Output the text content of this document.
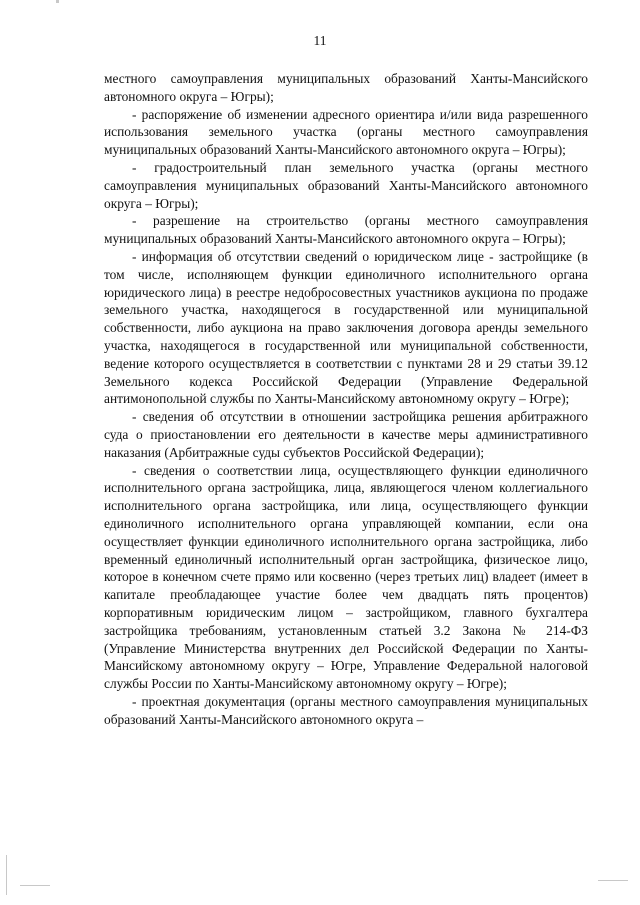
11

местного самоуправления муниципальных образований Ханты-Мансийского автономного округа – Югры);

- распоряжение об изменении адресного ориентира и/или вида разрешенного использования земельного участка (органы местного самоуправления муниципальных образований Ханты-Мансийского автономного округа – Югры);

- градостроительный план земельного участка (органы местного самоуправления муниципальных образований Ханты-Мансийского автономного округа – Югры);

- разрешение на строительство (органы местного самоуправления муниципальных образований Ханты-Мансийского автономного округа – Югры);

- информация об отсутствии сведений о юридическом лице - застройщике (в том числе, исполняющем функции единоличного исполнительного органа юридического лица) в реестре недобросовестных участников аукциона по продаже земельного участка, находящегося в государственной или муниципальной собственности, либо аукциона на право заключения договора аренды земельного участка, находящегося в государственной или муниципальной собственности, ведение которого осуществляется в соответствии с пунктами 28 и 29 статьи 39.12 Земельного кодекса Российской Федерации (Управление Федеральной антимонопольной службы по Ханты-Мансийскому автономному округу – Югре);

- сведения об отсутствии в отношении застройщика решения арбитражного суда о приостановлении его деятельности в качестве меры административного наказания (Арбитражные суды субъектов Российской Федерации);

- сведения о соответствии лица, осуществляющего функции единоличного исполнительного органа застройщика, лица, являющегося членом коллегиального исполнительного органа застройщика, или лица, осуществляющего функции единоличного исполнительного органа управляющей компании, если она осуществляет функции единоличного исполнительного органа застройщика, либо временный единоличный исполнительный орган застройщика, физическое лицо, которое в конечном счете прямо или косвенно (через третьих лиц) владеет (имеет в капитале преобладающее участие более чем двадцать пять процентов) корпоративным юридическим лицом – застройщиком, главного бухгалтера застройщика требованиям, установленным статьей 3.2 Закона № 214-ФЗ (Управление Министерства внутренних дел Российской Федерации по Ханты-Мансийскому автономному округу – Югре, Управление Федеральной налоговой службы России по Ханты-Мансийскому автономному округу – Югре);

- проектная документация (органы местного самоуправления муниципальных образований Ханты-Мансийского автономного округа –
